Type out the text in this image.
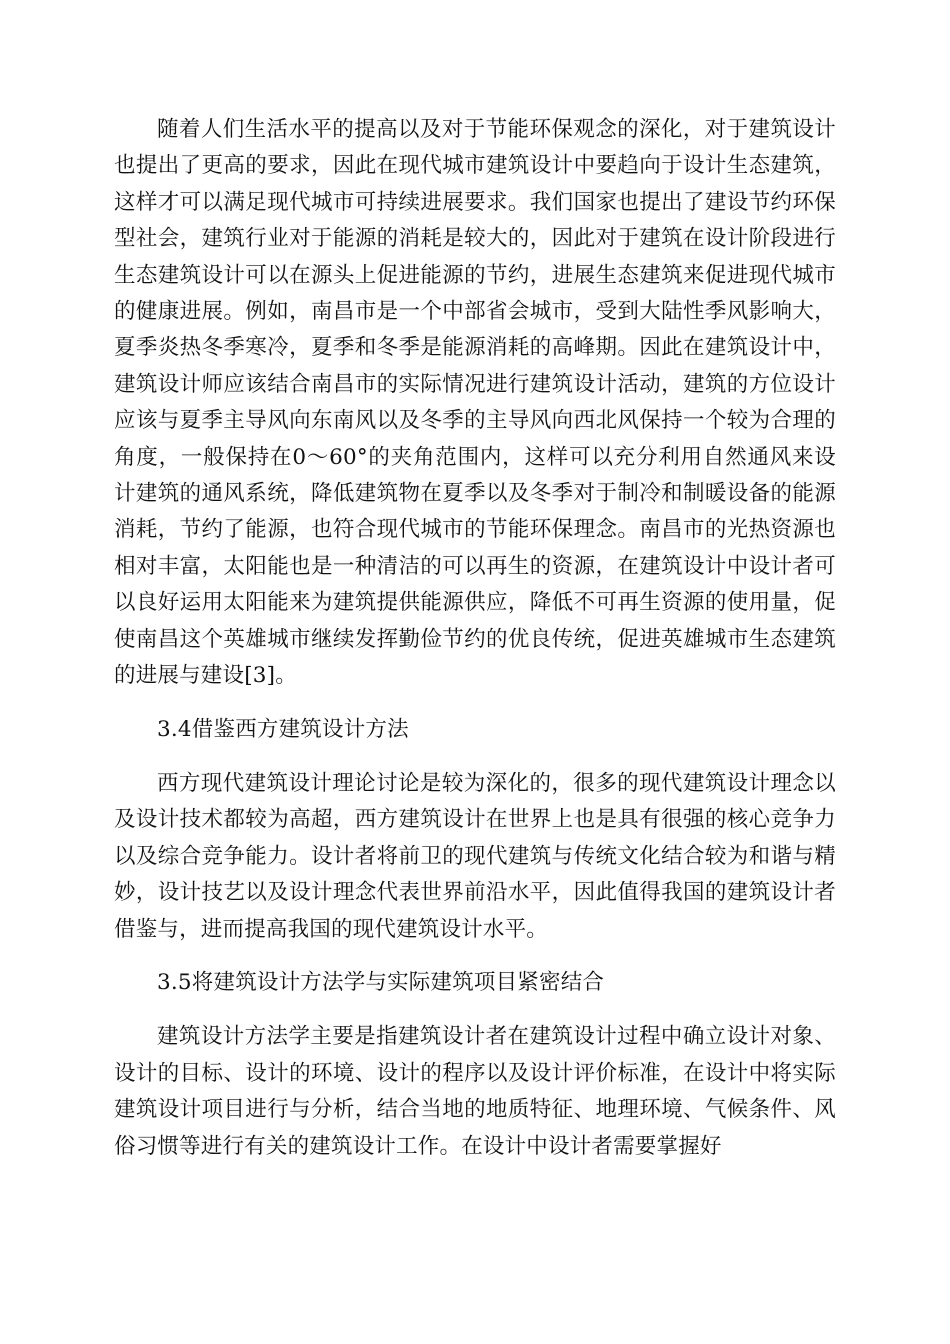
随着人们生活水平的提高以及对于节能环保观念的深化，对于建筑设计也提出了更高的要求，因此在现代城市建筑设计中要趋向于设计生态建筑，这样才可以满足现代城市可持续进展要求。我们国家也提出了建设节约环保型社会，建筑行业对于能源的消耗是较大的，因此对于建筑在设计阶段进行生态建筑设计可以在源头上促进能源的节约，进展生态建筑来促进现代城市的健康进展。例如，南昌市是一个中部省会城市，受到大陆性季风影响大，夏季炎热冬季寒冷，夏季和冬季是能源消耗的高峰期。因此在建筑设计中，建筑设计师应该结合南昌市的实际情况进行建筑设计活动，建筑的方位设计应该与夏季主导风向东南风以及冬季的主导风向西北风保持一个较为合理的角度，一般保持在0～60°的夹角范围内，这样可以充分利用自然通风来设计建筑的通风系统，降低建筑物在夏季以及冬季对于制冷和制暖设备的能源消耗，节约了能源，也符合现代城市的节能环保理念。南昌市的光热资源也相对丰富，太阳能也是一种清洁的可以再生的资源，在建筑设计中设计者可以良好运用太阳能来为建筑提供能源供应，降低不可再生资源的使用量，促使南昌这个英雄城市继续发挥勤俭节约的优良传统，促进英雄城市生态建筑的进展与建设[3]。

3.4借鉴西方建筑设计方法

西方现代建筑设计理论讨论是较为深化的，很多的现代建筑设计理念以及设计技术都较为高超，西方建筑设计在世界上也是具有很强的核心竞争力以及综合竞争能力。设计者将前卫的现代建筑与传统文化结合较为和谐与精妙，设计技艺以及设计理念代表世界前沿水平，因此值得我国的建筑设计者借鉴与，进而提高我国的现代建筑设计水平。

3.5将建筑设计方法学与实际建筑项目紧密结合

建筑设计方法学主要是指建筑设计者在建筑设计过程中确立设计对象、设计的目标、设计的环境、设计的程序以及设计评价标准，在设计中将实际建筑设计项目进行与分析，结合当地的地质特征、地理环境、气候条件、风俗习惯等进行有关的建筑设计工作。在设计中设计者需要掌握好
